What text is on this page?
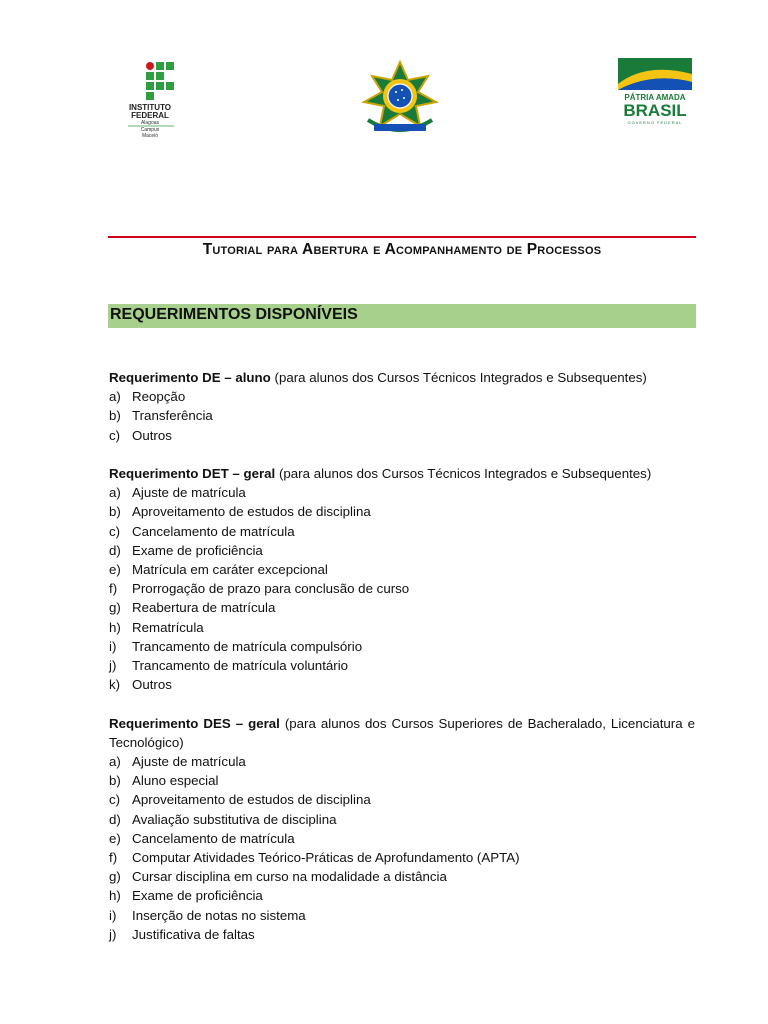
INSTITUTO
FEDERAL
Alagoas
Campus
Maceió
PÁTRIA AMADA
BRASIL
GOVERNO FEDERAL
Tutorial para Abertura e Acompanhamento de Processos
REQUERIMENTOS DISPONÍVEIS

Requerimento DE – aluno (para alunos dos Cursos Técnicos Integrados e Subsequentes)

a) Reopção
b) Transferência
c) Outros

Requerimento DET – geral (para alunos dos Cursos Técnicos Integrados e Subsequentes)

a) Ajuste de matrícula
b) Aproveitamento de estudos de disciplina
c) Cancelamento de matrícula
d) Exame de proficiência
e) Matrícula em caráter excepcional
f)	Prorrogação de prazo para conclusão de curso
g) Reabertura de matrícula
h) Rematrícula
i)	Trancamento de matrícula compulsório
j)	Trancamento de matrícula voluntário
k) Outros

Requerimento DES – geral (para alunos dos Cursos Superiores de Bacheralado, Licenciatura e Tecnológico)

a) Ajuste de matrícula
b) Aluno especial
c) Aproveitamento de estudos de disciplina
d) Avaliação substitutiva de disciplina
e) Cancelamento de matrícula
f)	Computar Atividades Teórico-Práticas de Aprofundamento (APTA)
g) Cursar disciplina em curso na modalidade a distância
h) Exame de proficiência
i)	Inserção de notas no sistema
j)	Justificativa de faltas
